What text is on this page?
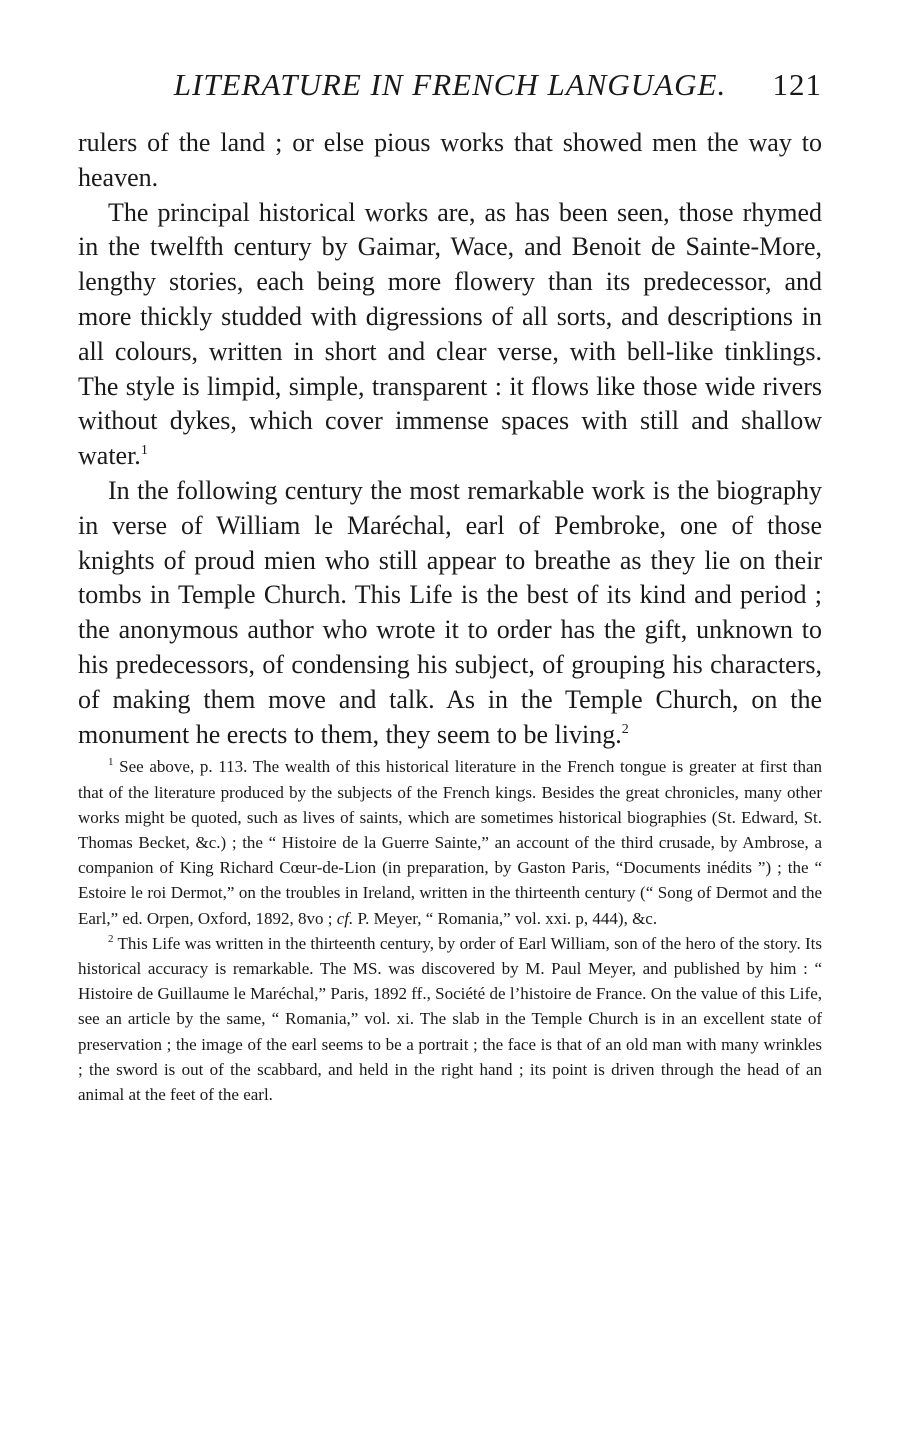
LITERATURE IN FRENCH LANGUAGE. 121

rulers of the land ; or else pious works that showed men the way to heaven.

The principal historical works are, as has been seen, those rhymed in the twelfth century by Gaimar, Wace, and Benoit de Sainte-More, lengthy stories, each being more flowery than its predecessor, and more thickly studded with digressions of all sorts, and descriptions in all colours, written in short and clear verse, with bell-like tinklings. The style is limpid, simple, transparent : it flows like those wide rivers without dykes, which cover immense spaces with still and shallow water.$^1$

In the following century the most remarkable work is the biography in verse of William le Maréchal, earl of Pembroke, one of those knights of proud mien who still appear to breathe as they lie on their tombs in Temple Church. This Life is the best of its kind and period ; the anonymous author who wrote it to order has the gift, unknown to his predecessors, of condensing his subject, of grouping his characters, of making them move and talk. As in the Temple Church, on the monument he erects to them, they seem to be living.$^2$

$^1$ See above, p. 113. The wealth of this historical literature in the French tongue is greater at first than that of the literature produced by the subjects of the French kings. Besides the great chronicles, many other works might be quoted, such as lives of saints, which are sometimes historical biographies (St. Edward, St. Thomas Becket, &c.) ; the “ Histoire de la Guerre Sainte,” an account of the third crusade, by Ambrose, a companion of King Richard Cœur-de-Lion (in preparation, by Gaston Paris, “Documents inédits ”) ; the “ Estoire le roi Dermot,” on the troubles in Ireland, written in the thirteenth century (“ Song of Dermot and the Earl,” ed. Orpen, Oxford, 1892, 8vo ; cf. P. Meyer, “ Romania,” vol. xxi. p, 444), &c.

$^2$ This Life was written in the thirteenth century, by order of Earl William, son of the hero of the story. Its historical accuracy is remarkable. The MS. was discovered by M. Paul Meyer, and published by him : “ Histoire de Guillaume le Maréchal,” Paris, 1892 ff., Société de l’histoire de France. On the value of this Life, see an article by the same, “ Romania,” vol. xi. The slab in the Temple Church is in an excellent state of preservation ; the image of the earl seems to be a portrait ; the face is that of an old man with many wrinkles ; the sword is out of the scabbard, and held in the right hand ; its point is driven through the head of an animal at the feet of the earl.
